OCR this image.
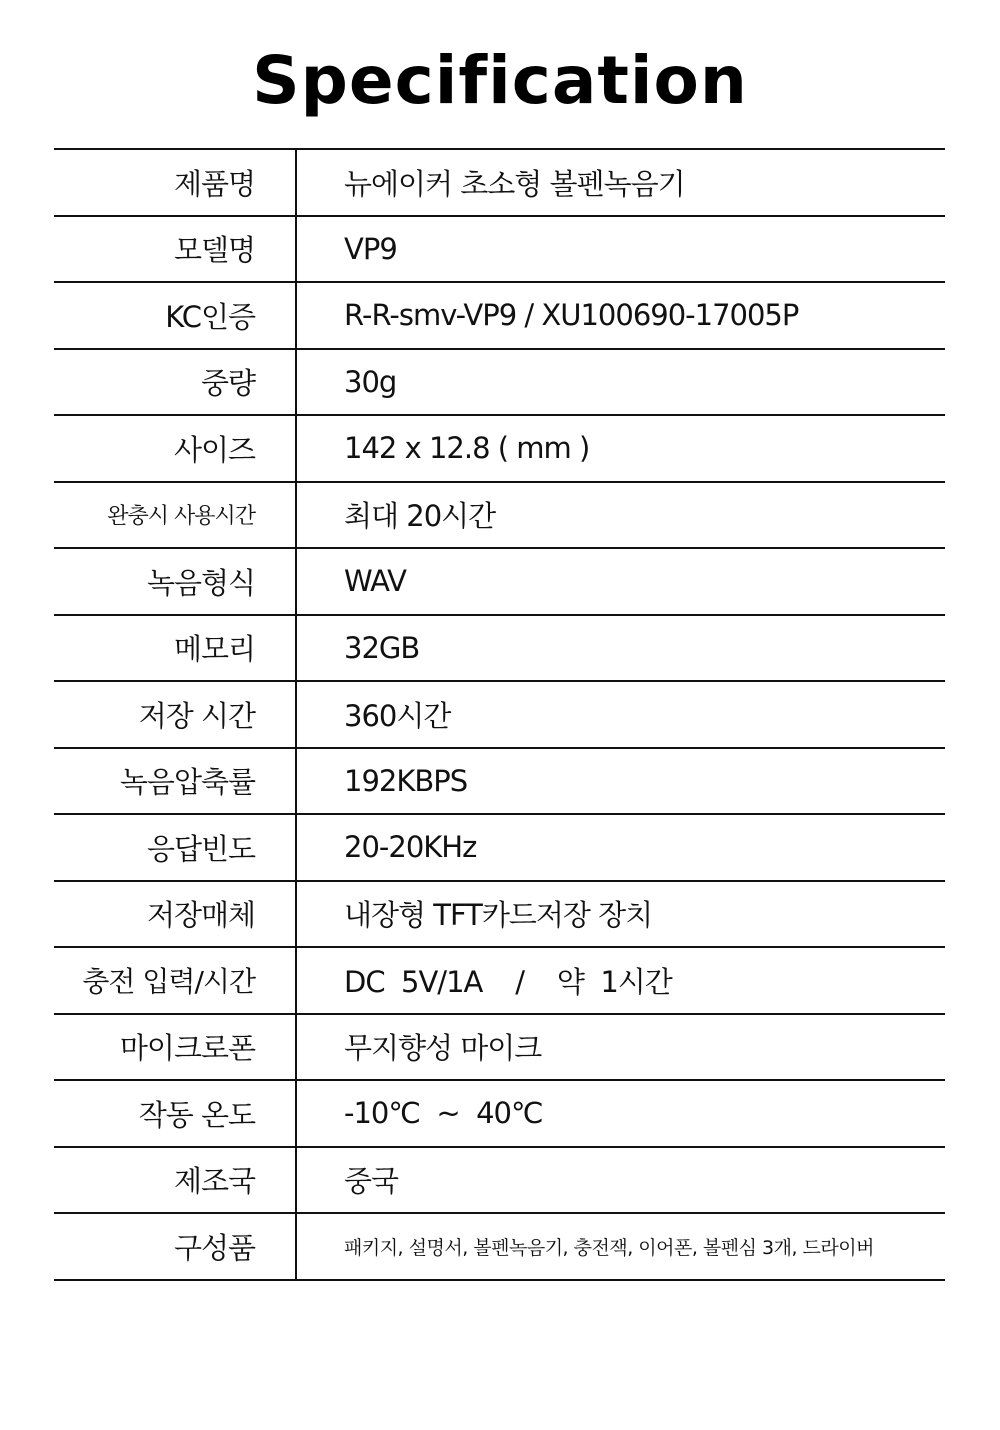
Specification
제품명	뉴에이커 초소형 볼펜녹음기
모델명	VP9
KC인증	R-R-smv-VP9 / XU100690-17005P
중량	30g
사이즈	142 x 12.8 ( mm )
완충시 사용시간	최대 20시간
녹음형식	WAV
메모리	32GB
저장 시간	360시간
녹음압축률	192KBPS
응답빈도	20-20KHz
저장매체	내장형 TFT카드저장 장치
충전 입력/시간	DC  5V/1A    /    약  1시간
마이크로폰	무지향성 마이크
작동 온도	-10℃  ~  40℃
제조국	중국
구성품	패키지, 설명서, 볼펜녹음기, 충전잭, 이어폰, 볼펜심 3개, 드라이버
